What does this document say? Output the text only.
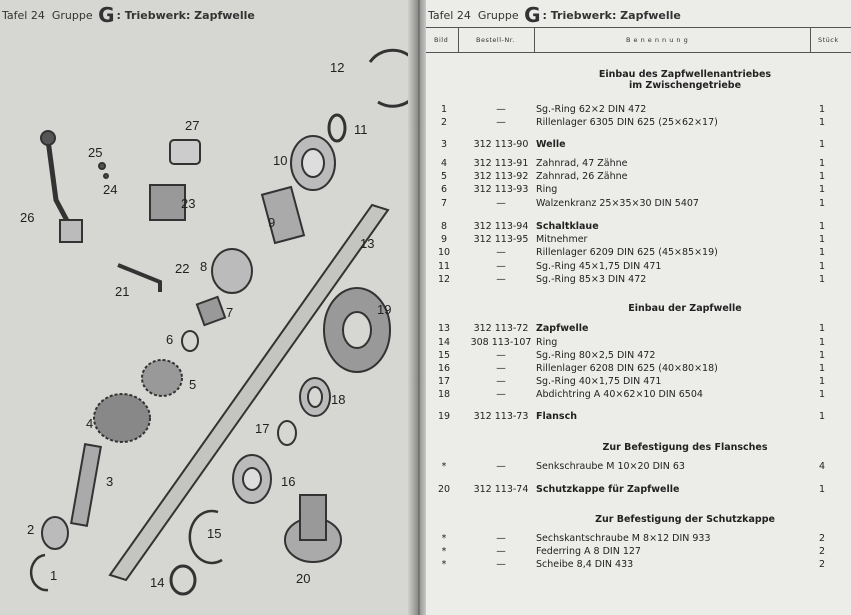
Tafel 24 Gruppe G : Triebwerk: Zapfwelle
1
2
3
4
5
6
7
8
9
10
11
12
13
14
15
16
17
18
19
20
21
22
23
24
25
26
27
Tafel 24 Gruppe G : Triebwerk: Zapfwelle
Bild	Bestell-Nr.	B e n e n n u n g	Stück
Einbau des Zapfwellenantriebes
im Zwischengetriebe
Einbau der Zapfwelle
Zur Befestigung des Flansches
Zur Befestigung der Schutzkappe
1	—	Sg.-Ring 62×2 DIN 472	1
2	—	Rillenlager 6305 DIN 625 (25×62×17)	1
3	312 113-90 Welle	1
4	312 113-91 Zahnrad, 47 Zähne	1
5	312 113-92 Zahnrad, 26 Zähne	1
6	312 113-93 Ring	1
7	—	Walzenkranz 25×35×30 DIN 5407	1
8	312 113-94 Schaltklaue	1
9	312 113-95 Mitnehmer	1
10	—	Rillenlager 6209 DIN 625 (45×85×19)	1
11	—	Sg.-Ring 45×1,75 DIN 471	1
12	—	Sg.-Ring 85×3 DIN 472	1
13	312 113-72 Zapfwelle	1
14	308 113-107 Ring	1
15	—	Sg.-Ring 80×2,5 DIN 472	1
16	—	Rillenlager 6208 DIN 625 (40×80×18)	1
17	—	Sg.-Ring 40×1,75 DIN 471	1
18	—	Abdichtring A 40×62×10 DIN 6504	1
19	312 113-73 Flansch	1
*	—	Senkschraube M 10×20 DIN 63	4
20	312 113-74 Schutzkappe für Zapfwelle	1
*	—	Sechskantschraube M 8×12 DIN 933	2
*	—	Federring A 8 DIN 127	2
*	—	Scheibe 8,4 DIN 433	2
